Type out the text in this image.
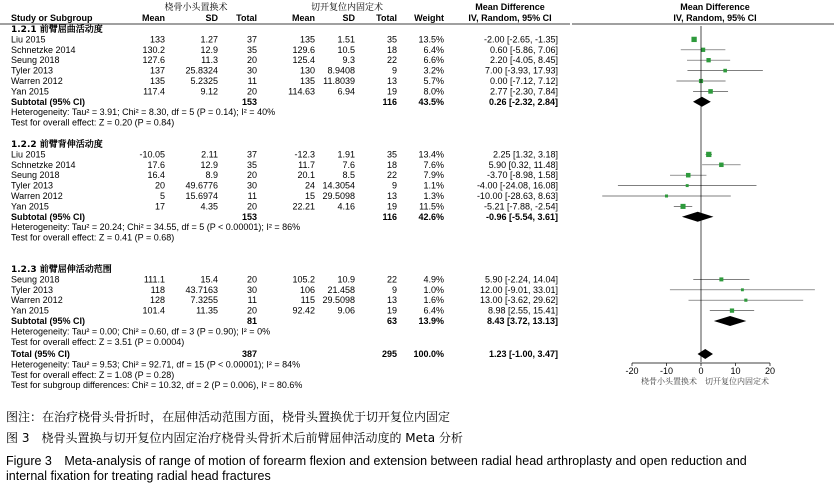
桡骨小头置换术	切开复位内固定术	Mean Difference
IV, Random, 95% CI
Study or Subgroup	Mean	SD Total	Mean	SD Total Weight
Mean Difference
IV, Random, 95% CI
1.2.1 前臂屈曲活动度
Liu 2015	133	1.27	37	135 1.51	35 13.5%	-2.00 [-2.65, -1.35]
Schnetzke 2014	130.2	12.9	35	129.6 10.5	18	6.4%	0.60 [-5.86, 7.06]
Seung 2018	127.6	11.3	20	125.4	9.3	22	6.6%	2.20 [-4.05, 8.45]
Tyler 2013	137 25.8324	30	130 8.9408	9	3.2%	7.00 [-3.93, 17.93]
Warren 2012	135	5.2325	11	135 11.8039	13	5.7%	0.00 [-7.12, 7.12]
Yan 2015	117.4	9.12	20	114.63 6.94	19	8.0%	2.77 [-2.30, 7.84]
Subtotal (95% CI)	153	116 43.5%	0.26 [-2.32, 2.84]
Heterogeneity: Tau² = 3.91; Chi² = 8.30, df = 5 (P = 0.14); I² = 40%
Test for overall effect: Z = 0.20 (P = 0.84)
1.2.2 前臂背伸活动度
Liu 2015	-10.05	2.11	37	-12.3 1.91	35 13.4%	2.25 [1.32, 3.18]
Schnetzke 2014	17.6	12.9	35	11.7	7.6	18	7.6%	5.90 [0.32, 11.48]
Seung 2018	16.4	8.9	20	20.1	8.5	22	7.9%	-3.70 [-8.98, 1.58]
Tyler 2013	20 49.6776	30	24 14.3054	9	1.1%	-4.00 [-24.08, 16.08]
Warren 2012	5 15.6974	11	15 29.5098	13	1.3%	-10.00 [-28.63, 8.63]
Yan 2015	17	4.35	20	22.21 4.16	19 11.5%	-5.21 [-7.88, -2.54]
Subtotal (95% CI)	153	116 42.6%	-0.96 [-5.54, 3.61]
Heterogeneity: Tau² = 20.24; Chi² = 34.55, df = 5 (P < 0.00001); I² = 86%
Test for overall effect: Z = 0.41 (P = 0.68)
1.2.3 前臂屈伸活动范围
Seung 2018	111.1	15.4	20	105.2 10.9	22	4.9%	5.90 [-2.24, 14.04]
Tyler 2013	118 43.7163	30	106 21.458	9	1.0%	12.00 [-9.01, 33.01]
Warren 2012	128	7.3255	11	115 29.5098	13	1.6%	13.00 [-3.62, 29.62]
Yan 2015	101.4	11.35	20	92.42 9.06	19	6.4%	8.98 [2.55, 15.41]
Subtotal (95% CI)	81	63 13.9%	8.43 [3.72, 13.13]
Heterogeneity: Tau² = 0.00; Chi² = 0.60, df = 3 (P = 0.90); I² = 0%
Test for overall effect: Z = 3.51 (P = 0.0004)
Total (95% CI)	387	295 100.0%	1.23 [-1.00, 3.47]
Heterogeneity: Tau² = 9.53; Chi² = 92.71, df = 15 (P < 0.00001); I² = 84%
Test for overall effect: Z = 1.08 (P = 0.28)
Test for subgroup differences: Chi² = 10.32, df = 2 (P = 0.006), I² = 80.6%
-20 -10	0	10	20
桡骨小头置换术 切开复位内固定术
图注：在治疗桡骨头骨折时，在屈伸活动范围方面，桡骨头置换优于切开复位内固定
图 3　桡骨头置换与切开复位内固定治疗桡骨头骨折术后前臂屈伸活动度的 Meta 分析
Figure 3　Meta-analysis of range of motion of forearm flexion and extension between radial head arthroplasty and open reduction and
internal fixation for treating radial head fractures
